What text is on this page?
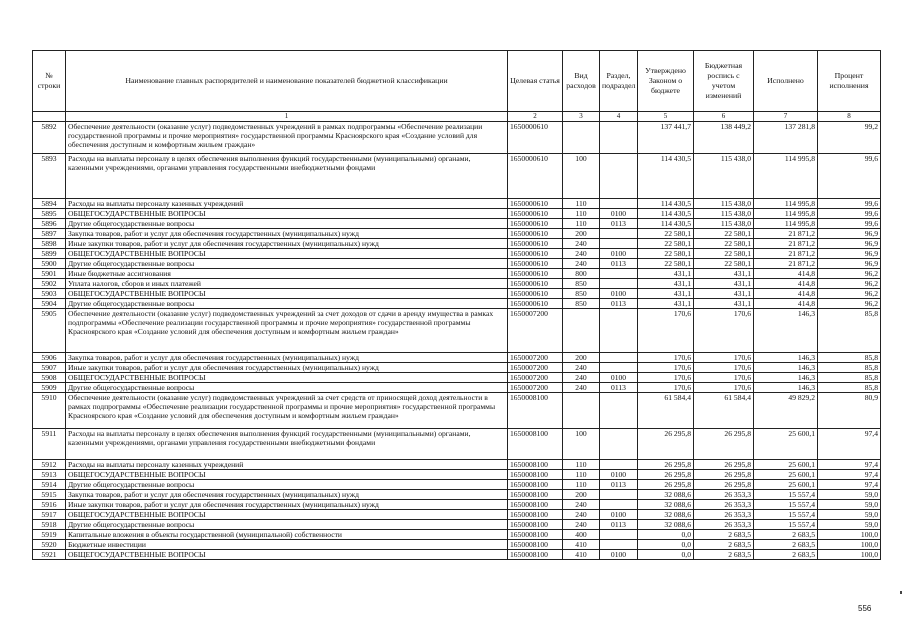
№ строки	Наименование главных распорядителей и наименование показателей бюджетной классификации	Целевая статья	Вид расходов	Раздел, подраздел	Утверждено Законом о бюджете	Бюджетная роспись с учетом изменений	Исполнено	Процент исполнения
	1	2	3	4	5	6	7	8
5892	Обеспечение деятельности (оказание услуг) подведомственных учреждений в рамках подпрограммы «Обеспечение реализации государственной программы и прочие мероприятия» государственной программы Красноярского края «Создание условий для обеспечения доступным и комфортным жильем граждан»	1650000610			137 441,7	138 449,2	137 281,8	99,2
5893	Расходы на выплаты персоналу в целях обеспечения выполнения функций государственными (муниципальными) органами, казенными учреждениями, органами управления государственными внебюджетными фондами	1650000610	100		114 430,5	115 438,0	114 995,8	99,6
5894	Расходы на выплаты персоналу казенных учреждений	1650000610	110		114 430,5	115 438,0	114 995,8	99,6
5895	ОБЩЕГОСУДАРСТВЕННЫЕ ВОПРОСЫ	1650000610	110	0100	114 430,5	115 438,0	114 995,8	99,6
5896	Другие общегосударственные вопросы	1650000610	110	0113	114 430,5	115 438,0	114 995,8	99,6
5897	Закупка товаров, работ и услуг для обеспечения государственных (муниципальных) нужд	1650000610	200		22 580,1	22 580,1	21 871,2	96,9
5898	Иные закупки товаров, работ и услуг для обеспечения государственных (муниципальных) нужд	1650000610	240		22 580,1	22 580,1	21 871,2	96,9
5899	ОБЩЕГОСУДАРСТВЕННЫЕ ВОПРОСЫ	1650000610	240	0100	22 580,1	22 580,1	21 871,2	96,9
5900	Другие общегосударственные вопросы	1650000610	240	0113	22 580,1	22 580,1	21 871,2	96,9
5901	Иные бюджетные ассигнования	1650000610	800		431,1	431,1	414,8	96,2
5902	Уплата налогов, сборов и иных платежей	1650000610	850		431,1	431,1	414,8	96,2
5903	ОБЩЕГОСУДАРСТВЕННЫЕ ВОПРОСЫ	1650000610	850	0100	431,1	431,1	414,8	96,2
5904	Другие общегосударственные вопросы	1650000610	850	0113	431,1	431,1	414,8	96,2
5905	Обеспечение деятельности (оказание услуг) подведомственных учреждений за счет доходов от сдачи в аренду имущества в рамках подпрограммы «Обеспечение реализации государственной программы и прочие мероприятия» государственной программы Красноярского края «Создание условий для обеспечения доступным и комфортным жильем граждан»	1650007200			170,6	170,6	146,3	85,8
5906	Закупка товаров, работ и услуг для обеспечения государственных (муниципальных) нужд	1650007200	200		170,6	170,6	146,3	85,8
5907	Иные закупки товаров, работ и услуг для обеспечения государственных (муниципальных) нужд	1650007200	240		170,6	170,6	146,3	85,8
5908	ОБЩЕГОСУДАРСТВЕННЫЕ ВОПРОСЫ	1650007200	240	0100	170,6	170,6	146,3	85,8
5909	Другие общегосударственные вопросы	1650007200	240	0113	170,6	170,6	146,3	85,8
5910	Обеспечение деятельности (оказание услуг) подведомственных учреждений за счет средств от приносящей доход деятельности в рамках подпрограммы «Обеспечение реализации государственной программы и прочие мероприятия» государственной программы Красноярского края «Создание условий для обеспечения доступным и комфортным жильем граждан»	1650008100			61 584,4	61 584,4	49 829,2	80,9
5911	Расходы на выплаты персоналу в целях обеспечения выполнения функций государственными (муниципальными) органами, казенными учреждениями, органами управления государственными внебюджетными фондами	1650008100	100		26 295,8	26 295,8	25 600,1	97,4
5912	Расходы на выплаты персоналу казенных учреждений	1650008100	110		26 295,8	26 295,8	25 600,1	97,4
5913	ОБЩЕГОСУДАРСТВЕННЫЕ ВОПРОСЫ	1650008100	110	0100	26 295,8	26 295,8	25 600,1	97,4
5914	Другие общегосударственные вопросы	1650008100	110	0113	26 295,8	26 295,8	25 600,1	97,4
5915	Закупка товаров, работ и услуг для обеспечения государственных (муниципальных) нужд	1650008100	200		32 088,6	26 353,3	15 557,4	59,0
5916	Иные закупки товаров, работ и услуг для обеспечения государственных (муниципальных) нужд	1650008100	240		32 088,6	26 353,3	15 557,4	59,0
5917	ОБЩЕГОСУДАРСТВЕННЫЕ ВОПРОСЫ	1650008100	240	0100	32 088,6	26 353,3	15 557,4	59,0
5918	Другие общегосударственные вопросы	1650008100	240	0113	32 088,6	26 353,3	15 557,4	59,0
5919	Капитальные вложения в объекты государственной (муниципальной) собственности	1650008100	400		0,0	2 683,5	2 683,5	100,0
5920	Бюджетные инвестиции	1650008100	410		0,0	2 683,5	2 683,5	100,0
5921	ОБЩЕГОСУДАРСТВЕННЫЕ ВОПРОСЫ	1650008100	410	0100	0,0	2 683,5	2 683,5	100,0
556
